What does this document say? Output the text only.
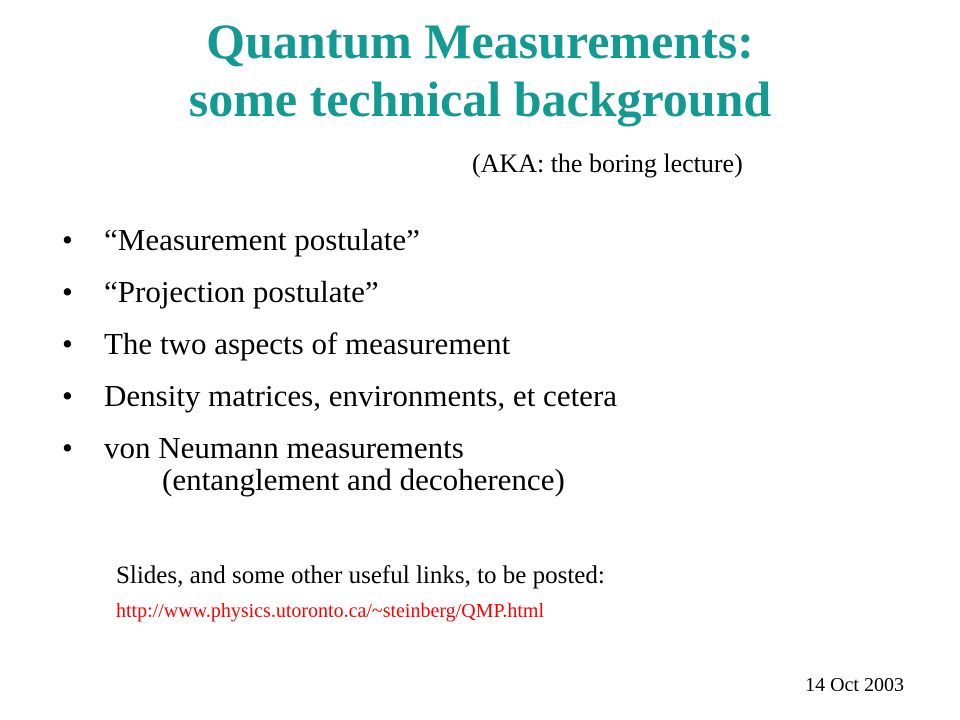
Quantum Measurements:
some technical background
(AKA: the boring lecture)
• “Measurement postulate”
• “Projection postulate”
• The two aspects of measurement
• Density matrices, environments, et cetera
• von Neumann measurements
(entanglement and decoherence)
Slides, and some other useful links, to be posted:
http://www.physics.utoronto.ca/~steinberg/QMP.html
14 Oct 2003
